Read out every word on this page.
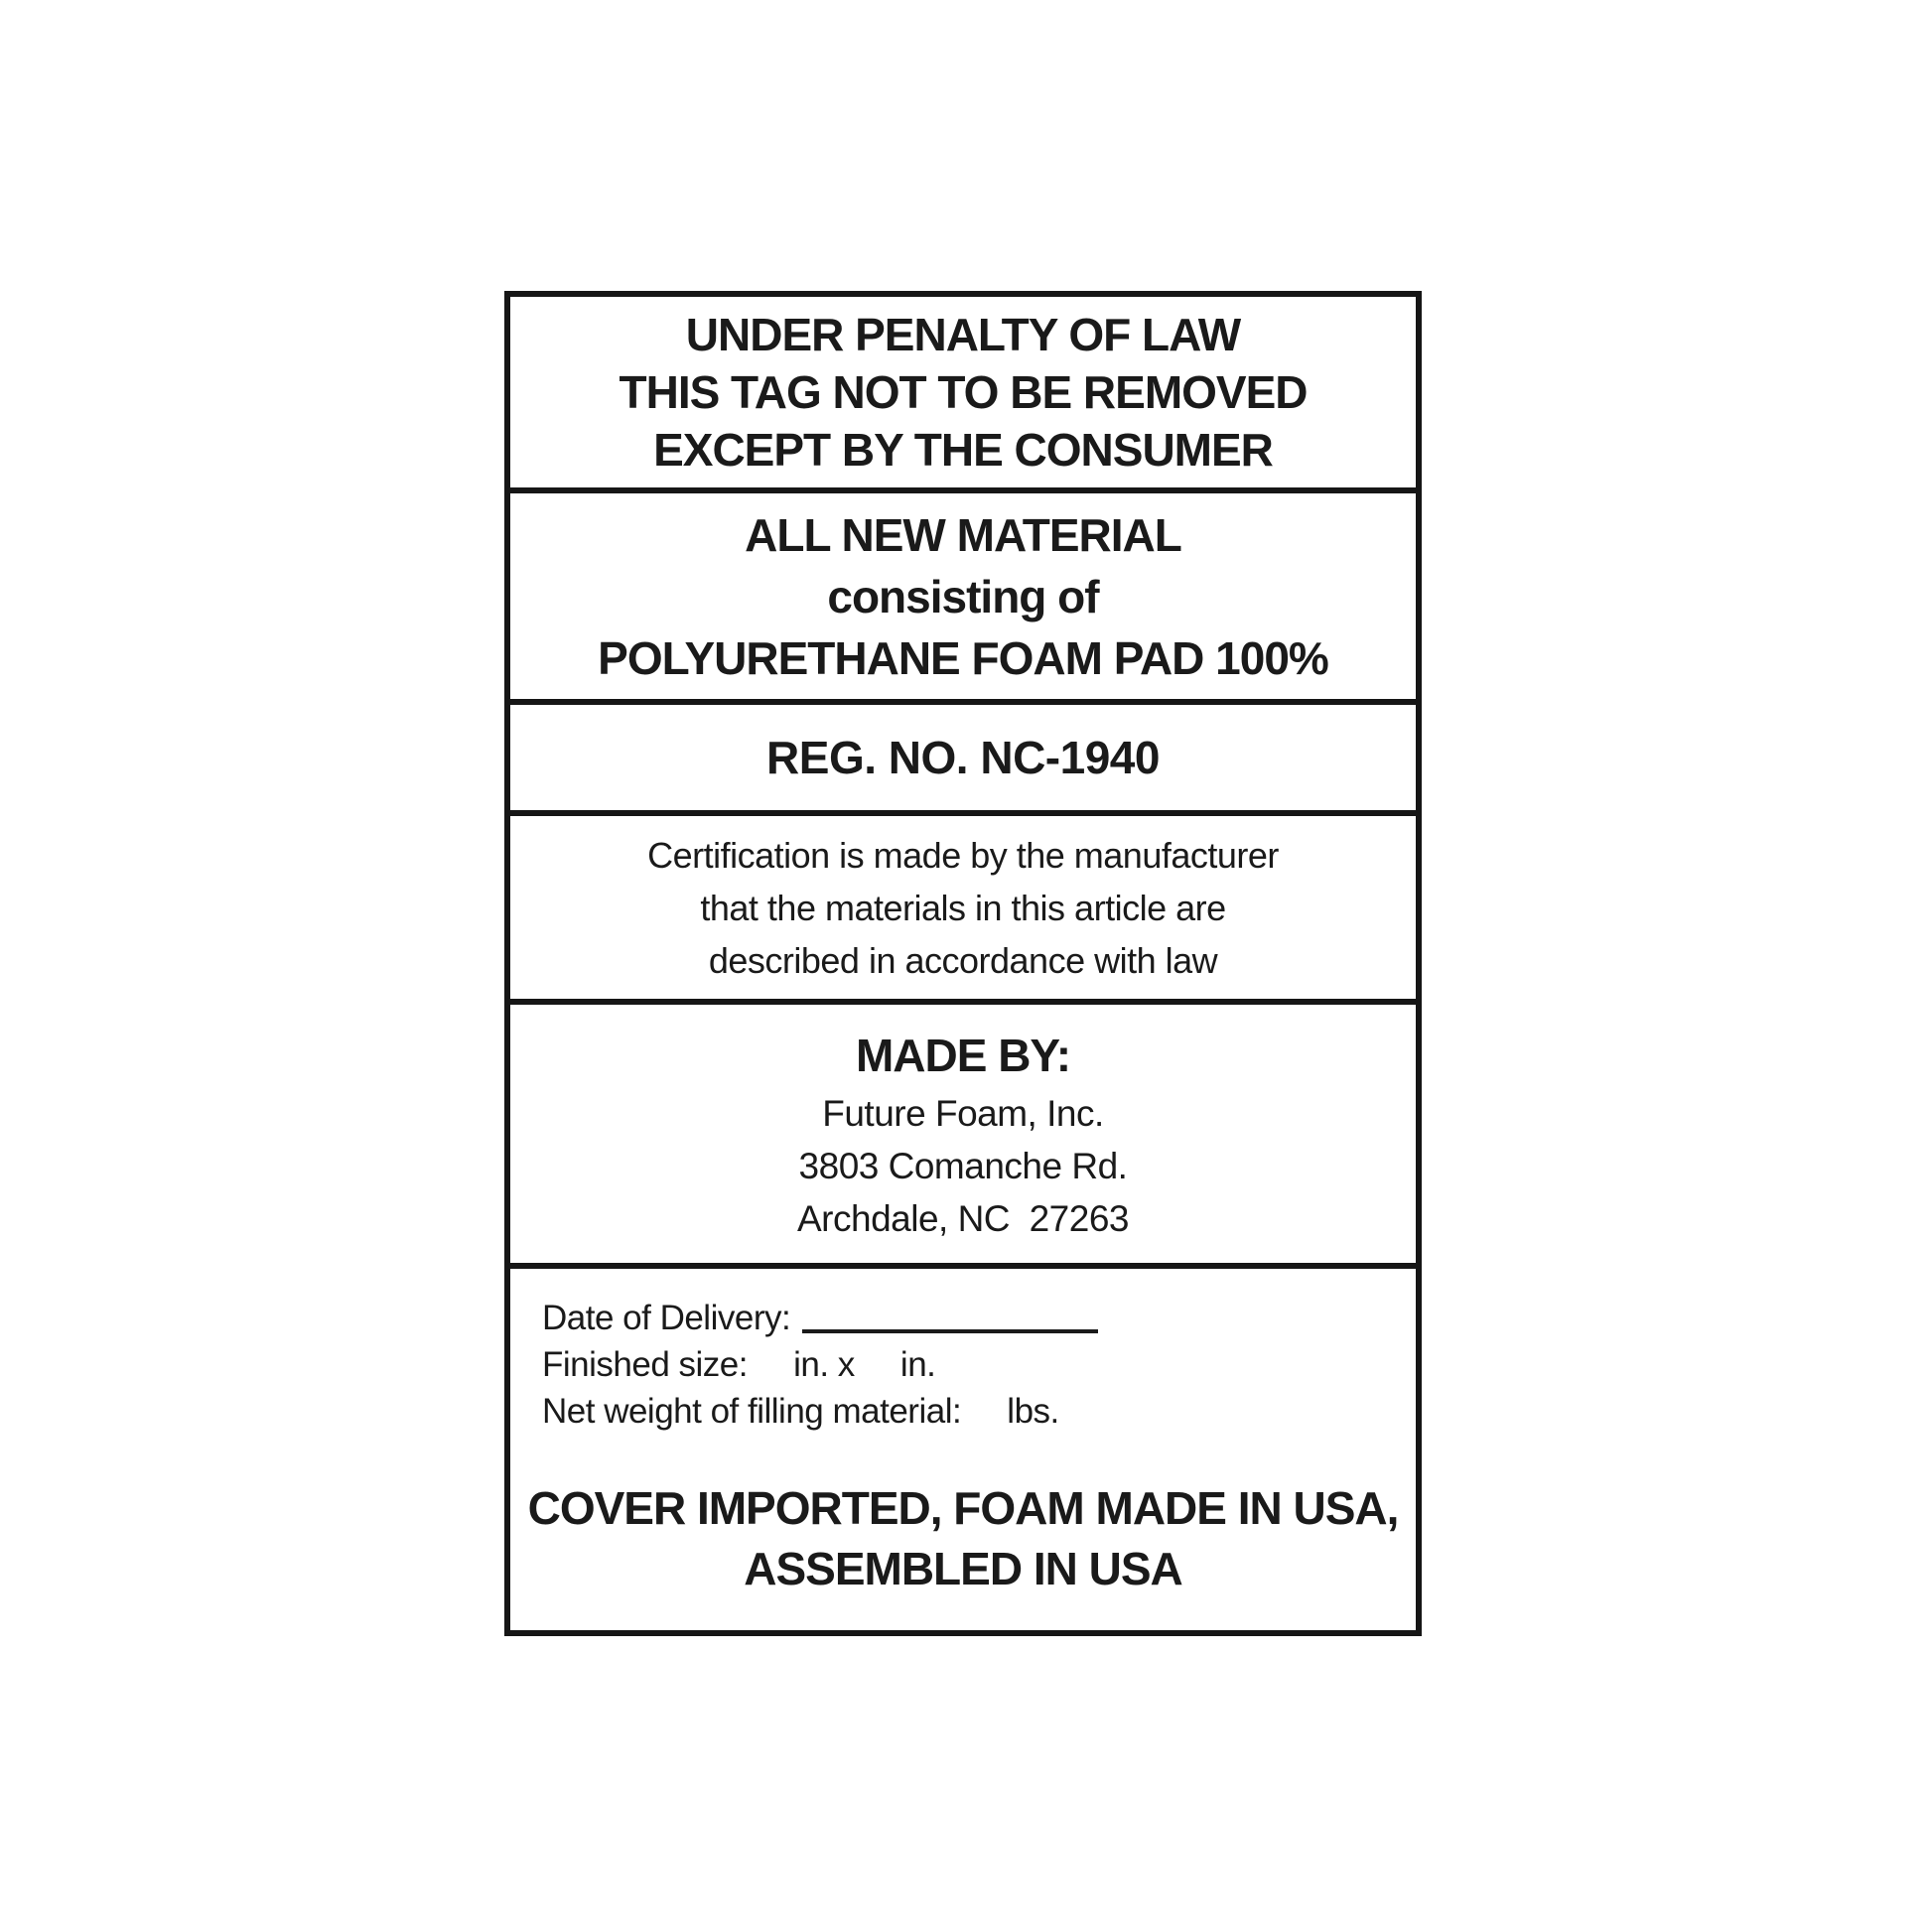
UNDER PENALTY OF LAW
THIS TAG NOT TO BE REMOVED
EXCEPT BY THE CONSUMER
ALL NEW MATERIAL
consisting of
POLYURETHANE FOAM PAD 100%
REG. NO. NC-1940
Certification is made by the manufacturer
that the materials in this article are
described in accordance with law
MADE BY:
Future Foam, Inc.
3803 Comanche Rd.
Archdale, NC  27263
Date of Delivery:
Finished size:     in. x     in.
Net weight of filling material:     lbs.
COVER IMPORTED, FOAM MADE IN USA,
ASSEMBLED IN USA
